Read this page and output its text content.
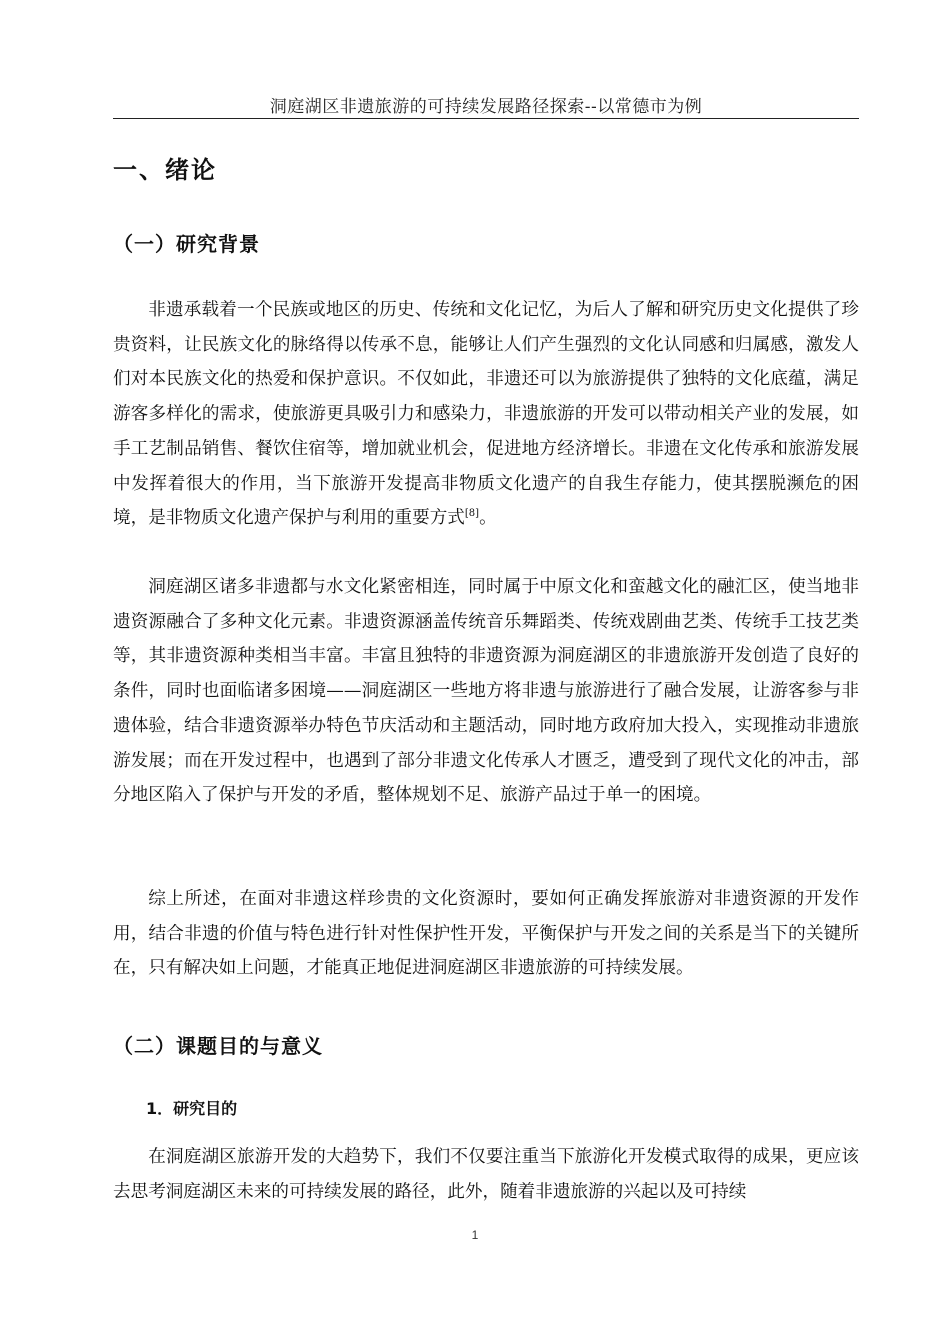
洞庭湖区非遗旅游的可持续发展路径探索--以常德市为例
一、绪论
（一）研究背景

非遗承载着一个民族或地区的历史、传统和文化记忆，为后人了解和研究历史文化提供了珍贵资料，让民族文化的脉络得以传承不息，能够让人们产生强烈的文化认同感和归属感，激发人们对本民族文化的热爱和保护意识。不仅如此，非遗还可以为旅游提供了独特的文化底蕴，满足游客多样化的需求，使旅游更具吸引力和感染力，非遗旅游的开发可以带动相关产业的发展，如手工艺制品销售、餐饮住宿等，增加就业机会，促进地方经济增长。非遗在文化传承和旅游发展中发挥着很大的作用，当下旅游开发提高非物质文化遗产的自我生存能力，使其摆脱濒危的困境，是非物质文化遗产保护与利用的重要方式[8]。

洞庭湖区诸多非遗都与水文化紧密相连，同时属于中原文化和蛮越文化的融汇区，使当地非遗资源融合了多种文化元素。非遗资源涵盖传统音乐舞蹈类、传统戏剧曲艺类、传统手工技艺类等，其非遗资源种类相当丰富。丰富且独特的非遗资源为洞庭湖区的非遗旅游开发创造了良好的条件，同时也面临诸多困境——洞庭湖区一些地方将非遗与旅游进行了融合发展，让游客参与非遗体验，结合非遗资源举办特色节庆活动和主题活动，同时地方政府加大投入，实现推动非遗旅游发展；而在开发过程中，也遇到了部分非遗文化传承人才匮乏，遭受到了现代文化的冲击，部分地区陷入了保护与开发的矛盾，整体规划不足、旅游产品过于单一的困境。

综上所述，在面对非遗这样珍贵的文化资源时，要如何正确发挥旅游对非遗资源的开发作用，结合非遗的价值与特色进行针对性保护性开发，平衡保护与开发之间的关系是当下的关键所在，只有解决如上问题，才能真正地促进洞庭湖区非遗旅游的可持续发展。

（二）课题目的与意义
1．研究目的

在洞庭湖区旅游开发的大趋势下，我们不仅要注重当下旅游化开发模式取得的成果，更应该去思考洞庭湖区未来的可持续发展的路径，此外，随着非遗旅游的兴起以及可持续

1
